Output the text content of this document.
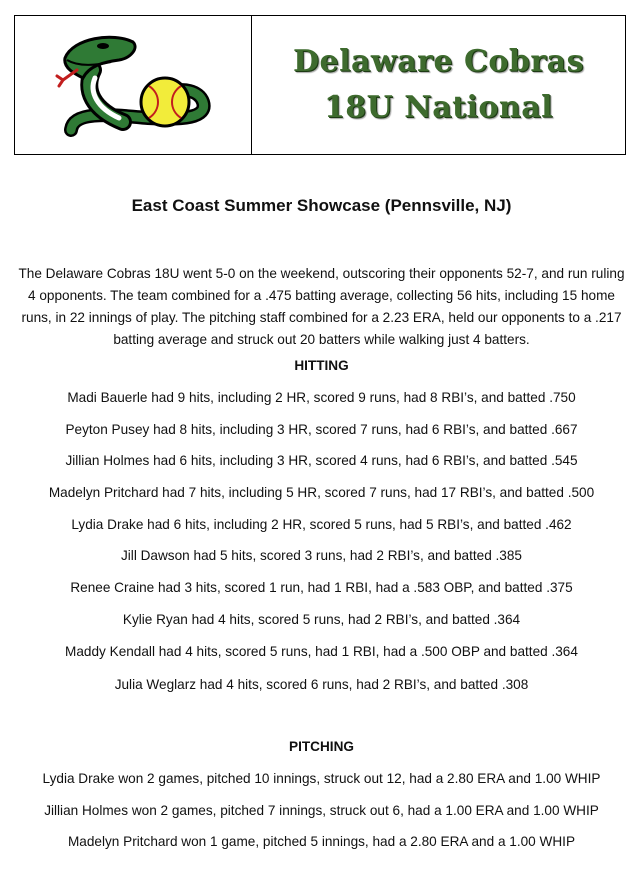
Delaware Cobras
18U National
East Coast Summer Showcase (Pennsville, NJ)
The Delaware Cobras 18U went 5-0 on the weekend, outscoring their opponents 52-7, and run ruling 4 opponents. The team combined for a .475 batting average, collecting 56 hits, including 15 home runs, in 22 innings of play. The pitching staff combined for a 2.23 ERA, held our opponents to a .217 batting average and struck out 20 batters while walking just 4 batters.
HITTING
Madi Bauerle had 9 hits, including 2 HR, scored 9 runs, had 8 RBI’s, and batted .750
Peyton Pusey had 8 hits, including 3 HR, scored 7 runs, had 6 RBI’s, and batted .667
Jillian Holmes had 6 hits, including 3 HR, scored 4 runs, had 6 RBI’s, and batted .545
Madelyn Pritchard had 7 hits, including 5 HR, scored 7 runs, had 17 RBI’s, and batted .500
Lydia Drake had 6 hits, including 2 HR, scored 5 runs, had 5 RBI’s, and batted .462
Jill Dawson had 5 hits, scored 3 runs, had 2 RBI’s, and batted .385
Renee Craine had 3 hits, scored 1 run, had 1 RBI, had a .583 OBP, and batted .375
Kylie Ryan had 4 hits, scored 5 runs, had 2 RBI’s, and batted .364
Maddy Kendall had 4 hits, scored 5 runs, had 1 RBI, had a .500 OBP and batted .364
Julia Weglarz had 4 hits, scored 6 runs, had 2 RBI’s, and batted .308
PITCHING
Lydia Drake won 2 games, pitched 10 innings, struck out 12, had a 2.80 ERA and 1.00 WHIP
Jillian Holmes won 2 games, pitched 7 innings, struck out 6, had a 1.00 ERA and 1.00 WHIP
Madelyn Pritchard won 1 game, pitched 5 innings, had a 2.80 ERA and a 1.00 WHIP
